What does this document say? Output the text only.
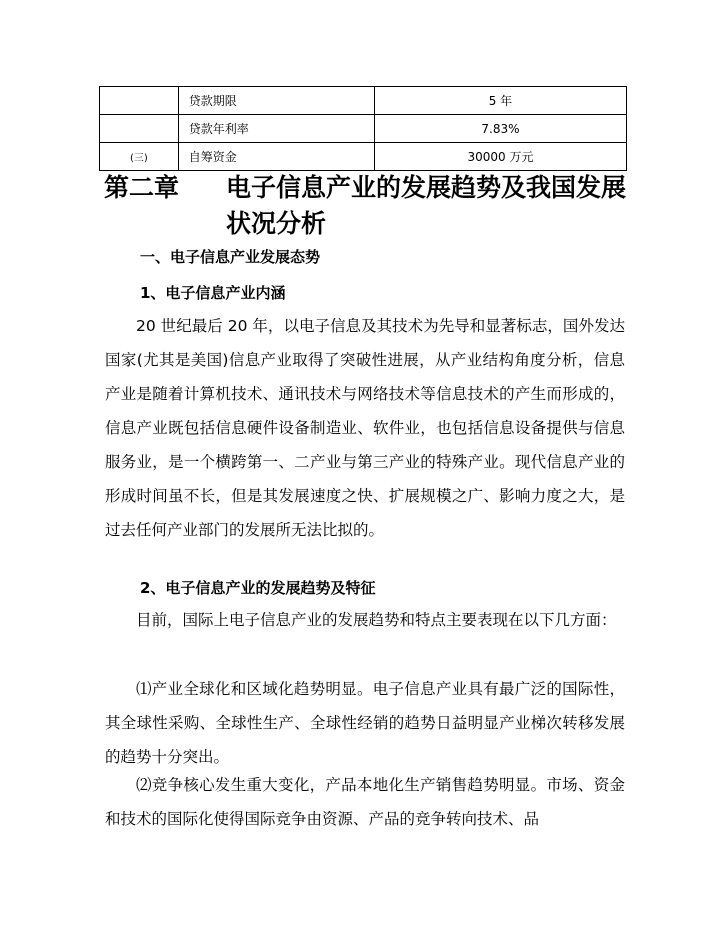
	贷款期限	5 年
	贷款年利率	7.83%
(三)	自筹资金	30000 万元
第二章 电子信息产业的发展趋势及我国发展状况分析
一、电子信息产业发展态势
1、电子信息产业内涵

20 世纪最后 20 年，以电子信息及其技术为先导和显著标志，国外发达国家(尤其是美国)信息产业取得了突破性进展，从产业结构角度分析，信息产业是随着计算机技术、通讯技术与网络技术等信息技术的产生而形成的，信息产业既包括信息硬件设备制造业、软件业，也包括信息设备提供与信息服务业，是一个横跨第一、二产业与第三产业的特殊产业。现代信息产业的形成时间虽不长，但是其发展速度之快、扩展规模之广、影响力度之大，是过去任何产业部门的发展所无法比拟的。

2、电子信息产业的发展趋势及特征

目前，国际上电子信息产业的发展趋势和特点主要表现在以下几方面：

⑴产业全球化和区域化趋势明显。电子信息产业具有最广泛的国际性，其全球性采购、全球性生产、全球性经销的趋势日益明显产业梯次转移发展的趋势十分突出。

⑵竞争核心发生重大变化，产品本地化生产销售趋势明显。市场、资金和技术的国际化使得国际竞争由资源、产品的竞争转向技术、品
